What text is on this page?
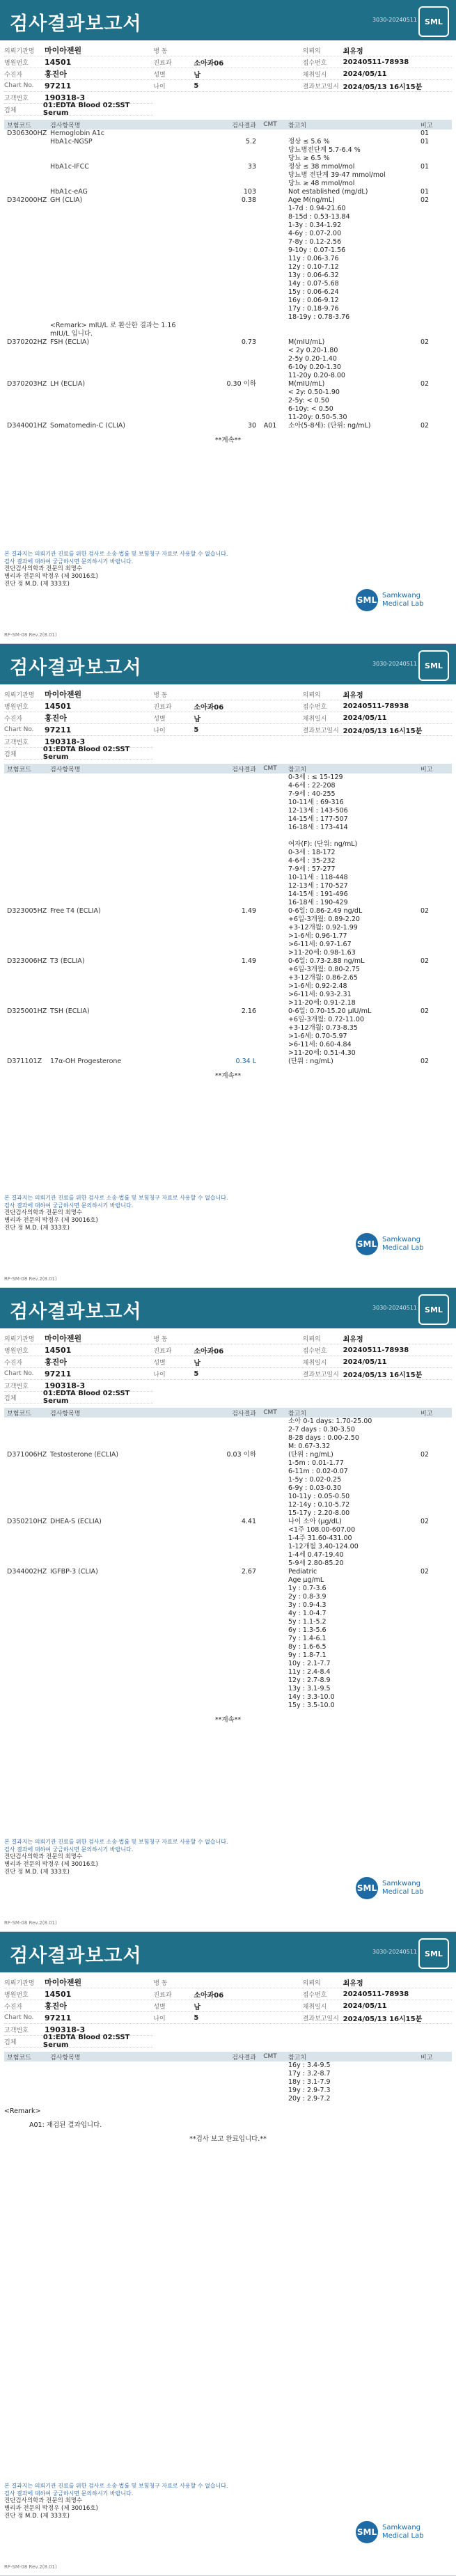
검사결과보고서	3030-20240511	SML
의뢰기관명	마이아젠원
병원번호	14501
수진자	홍진아
Chart No.	97211
고객번호	190318-3
검체
01:EDTA Blood 02:SST Serum
병 동
진료과	소아과06
성별	남
나이	5
의뢰의	최유정
접수번호	20240511-78938
채취일시	2024/05/11
결과보고일시 2024/05/13 16시15분
보험코드	검사항목명	검사결과	CMT	참고치	비고
D306300HZ Hemoglobin A1c	01
HbA1c-NGSP	5.2	정상 ≤ 5.6 %	01
당뇨병전단계 5.7-6.4 %
당뇨 ≥ 6.5 %
HbA1c-IFCC	33	정상 ≤ 38 mmol/mol	01
당뇨병 전단계 39-47 mmol/mol
당뇨 ≥ 48 mmol/mol
HbA1c-eAG	103	Not established (mg/dL)	01
D342000HZ GH (CLIA)	0.38	Age M(ng/mL)	02
1-7d : 0.94-21.60
8-15d : 0.53-13.84
1-3y : 0.34-1.92
4-6y : 0.07-2.00
7-8y : 0.12-2.56
9-10y : 0.07-1.56
11y : 0.06-3.76
12y : 0.10-7.12
13y : 0.06-6.32
14y : 0.07-5.68
15y : 0.06-6.24
16y : 0.06-9.12
17y : 0.18-9.76
18-19y : 0.78-3.76
<Remark> mIU/L 로 환산한 결과는 1.16 mIU/L 입니다.
D370202HZ FSH (ECLIA)	0.73	M(mIU/mL)	02
< 2y 0.20-1.80
2-5y 0.20-1.40
6-10y 0.20-1.30
11-20y 0.20-8.00
D370203HZ LH (ECLIA)	0.30 이하	M(mIU/mL)	02
< 2y: 0.50-1.90
2-5y: < 0.50
6-10y: < 0.50
11-20y: 0.50-5.30
D344001HZ Somatomedin-C (CLIA)	30	A01	소아(5-8세): (단위: ng/mL)	02
**계속**
본 결과지는 의뢰기관 진료를 위한 검사로 소송·법률 및 보험청구 자료로 사용할 수 없습니다.
검사 결과에 대하여 궁금하시면 문의하시기 바랍니다.
진단검사의학과 전문의 최명수
병리과 전문의 박정우 (제 30016호)
진단 정 M.D. (제 333호)
SML Samkwang
Medical Lab
RF-SM-08 Rev.2(8.01)
검사결과보고서	3030-20240511	SML
의뢰기관명	마이아젠원
병원번호	14501
수진자	홍진아
Chart No.	97211
고객번호	190318-3
검체
01:EDTA Blood 02:SST Serum
병 동
진료과	소아과06
성별	남
나이	5
의뢰의	최유정
접수번호	20240511-78938
채취일시	2024/05/11
결과보고일시 2024/05/13 16시15분
보험코드	검사항목명	검사결과	CMT	참고치	비고
0-3세 : ≤ 15-129
4-6세 : 22-208
7-9세 : 40-255
10-11세 : 69-316
12-13세 : 143-506
14-15세 : 177-507
16-18세 : 173-414
여자(F): (단위: ng/mL)
0-3세 : 18-172
4-6세 : 35-232
7-9세 : 57-277
10-11세 : 118-448
12-13세 : 170-527
14-15세 : 191-496
16-18세 : 190-429
D323005HZ Free T4 (ECLIA)	1.49	0-6일: 0.86-2.49 ng/dL	02
+6일-3개월: 0.89-2.20
+3-12개월: 0.92-1.99
>1-6세: 0.96-1.77
>6-11세: 0.97-1.67
>11-20세: 0.98-1.63
D323006HZ T3 (ECLIA)	1.49	0-6일: 0.73-2.88 ng/mL	02
+6일-3개월: 0.80-2.75
+3-12개월: 0.86-2.65
>1-6세: 0.92-2.48
>6-11세: 0.93-2.31
>11-20세: 0.91-2.18
D325001HZ TSH (ECLIA)	2.16	0-6일: 0.70-15.20 μIU/mL	02
+6일-3개월: 0.72-11.00
+3-12개월: 0.73-8.35
>1-6세: 0.70-5.97
>6-11세: 0.60-4.84
>11-20세: 0.51-4.30
D371101Z	17α-OH Progesterone	0.34 L	(단위 : ng/mL)	02
**계속**
본 결과지는 의뢰기관 진료를 위한 검사로 소송·법률 및 보험청구 자료로 사용할 수 없습니다.
검사 결과에 대하여 궁금하시면 문의하시기 바랍니다.
진단검사의학과 전문의 최명수
병리과 전문의 박정우 (제 30016호)
진단 정 M.D. (제 333호)
SML Samkwang
Medical Lab
RF-SM-08 Rev.2(8.01)
검사결과보고서	3030-20240511	SML
의뢰기관명	마이아젠원
병원번호	14501
수진자	홍진아
Chart No.	97211
고객번호	190318-3
검체
01:EDTA Blood 02:SST Serum
병 동
진료과	소아과06
성별	남
나이	5
의뢰의	최유정
접수번호	20240511-78938
채취일시	2024/05/11
결과보고일시 2024/05/13 16시15분
보험코드	검사항목명	검사결과	CMT	참고치	비고
소아 0-1 days: 1.70-25.00
2-7 days : 0.30-3.50
8-28 days : 0.00-2.50
M: 0.67-3.32
D371006HZ Testosterone (ECLIA)	0.03 이하	(단위 : ng/mL)	02
1-5m : 0.01-1.77
6-11m : 0.02-0.07
1-5y : 0.02-0.25
6-9y : 0.03-0.30
10-11y : 0.05-0.50
12-14y : 0.10-5.72
15-17y : 2.20-8.00
D350210HZ DHEA-S (ECLIA)	4.41	나이 소아 (μg/dL)	02
<1주 108.00-607.00
1-4주 31.60-431.00
1-12개월 3.40-124.00
1-4세 0.47-19.40
5-9세 2.80-85.20
D344002HZ IGFBP-3 (CLIA)	2.67	Pediatric	02
Age μg/mL
1y : 0.7-3.6
2y : 0.8-3.9
3y : 0.9-4.3
4y : 1.0-4.7
5y : 1.1-5.2
6y : 1.3-5.6
7y : 1.4-6.1
8y : 1.6-6.5
9y : 1.8-7.1
10y : 2.1-7.7
11y : 2.4-8.4
12y : 2.7-8.9
13y : 3.1-9.5
14y : 3.3-10.0
15y : 3.5-10.0
**계속**
본 결과지는 의뢰기관 진료를 위한 검사로 소송·법률 및 보험청구 자료로 사용할 수 없습니다.
검사 결과에 대하여 궁금하시면 문의하시기 바랍니다.
진단검사의학과 전문의 최명수
병리과 전문의 박정우 (제 30016호)
진단 정 M.D. (제 333호)
SML Samkwang
Medical Lab
RF-SM-08 Rev.2(8.01)
검사결과보고서	3030-20240511	SML
의뢰기관명	마이아젠원
병원번호	14501
수진자	홍진아
Chart No.	97211
고객번호	190318-3
검체
01:EDTA Blood 02:SST Serum
병 동
진료과	소아과06
성별	남
나이	5
의뢰의	최유정
접수번호	20240511-78938
채취일시	2024/05/11
결과보고일시 2024/05/13 16시15분
보험코드	검사항목명	검사결과	CMT	참고치	비고
16y : 3.4-9.5
17y : 3.2-8.7
18y : 3.1-7.9
19y : 2.9-7.3
20y : 2.9-7.2
<Remark>
A01: 재검된 결과입니다.
**검사 보고 완료입니다.**
본 결과지는 의뢰기관 진료를 위한 검사로 소송·법률 및 보험청구 자료로 사용할 수 없습니다.
검사 결과에 대하여 궁금하시면 문의하시기 바랍니다.
진단검사의학과 전문의 최명수
병리과 전문의 박정우 (제 30016호)
진단 정 M.D. (제 333호)
SML Samkwang
Medical Lab
RF-SM-08 Rev.2(8.01)
